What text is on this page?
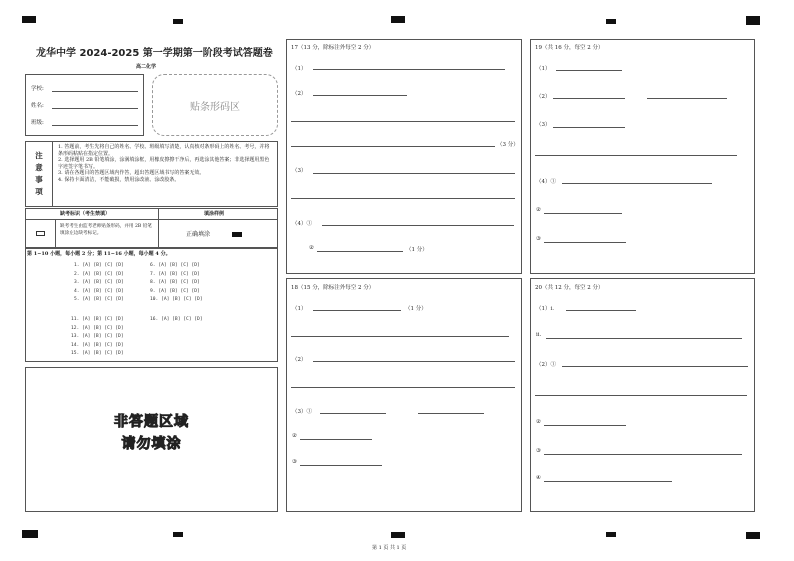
龙华中学 2024-2025 第一学期第一阶段考试答题卷
高二化学
学校:
姓名:
班级:
贴条形码区
注
意
事
项
1. 答题前，考生先将自己的姓名、学校、班级填写清楚，认真核对条形码上的姓名、考号，并将条形码粘贴在指定位置。
2. 选择题用 2B 铅笔填涂，涂满填涂框，用橡皮擦擦干净后，再选涂其他答案；非选择题用黑色字迹签字笔书写。
3. 请在各题目的答题区域内作答，超出答题区域书写的答案无效。
4. 保持卡面清洁，不能破损，禁用涂改液、涂改胶条。
缺考标识（考生禁填）	填涂样例
缺考考生由监考老师贴条形码，并用 2B 铅笔填涂左边缺考标记。	正确填涂
第 1~10 小题，每小题 2 分；第 11~16 小题，每小题 4 分。
1. [A] [B] [C] [D]
2. [A] [B] [C] [D]
3. [A] [B] [C] [D]
4. [A] [B] [C] [D]
5. [A] [B] [C] [D]
6. [A] [B] [C] [D]
7. [A] [B] [C] [D]
8. [A] [B] [C] [D]
9. [A] [B] [C] [D]
10. [A] [B] [C] [D]
11. [A] [B] [C] [D]
12. [A] [B] [C] [D]
13. [A] [B] [C] [D]
14. [A] [B] [C] [D]
15. [A] [B] [C] [D]
16. [A] [B] [C] [D]
非答题区域
请勿填涂
17（13 分，除标注外每空 2 分）
（1）
（2）
（3 分）
（3）
（4）①
②	（1 分）
18（15 分，除标注外每空 2 分）
（1）	（1 分）
（2）
（3）①
②
③
19（共 16 分，每空 2 分）
（1）
（2）
（3）
（4）①
②
③
20（共 12 分，每空 2 分）
（1）i.
ii.
（2）①
②
③
④
第 1 页 共 1 页
